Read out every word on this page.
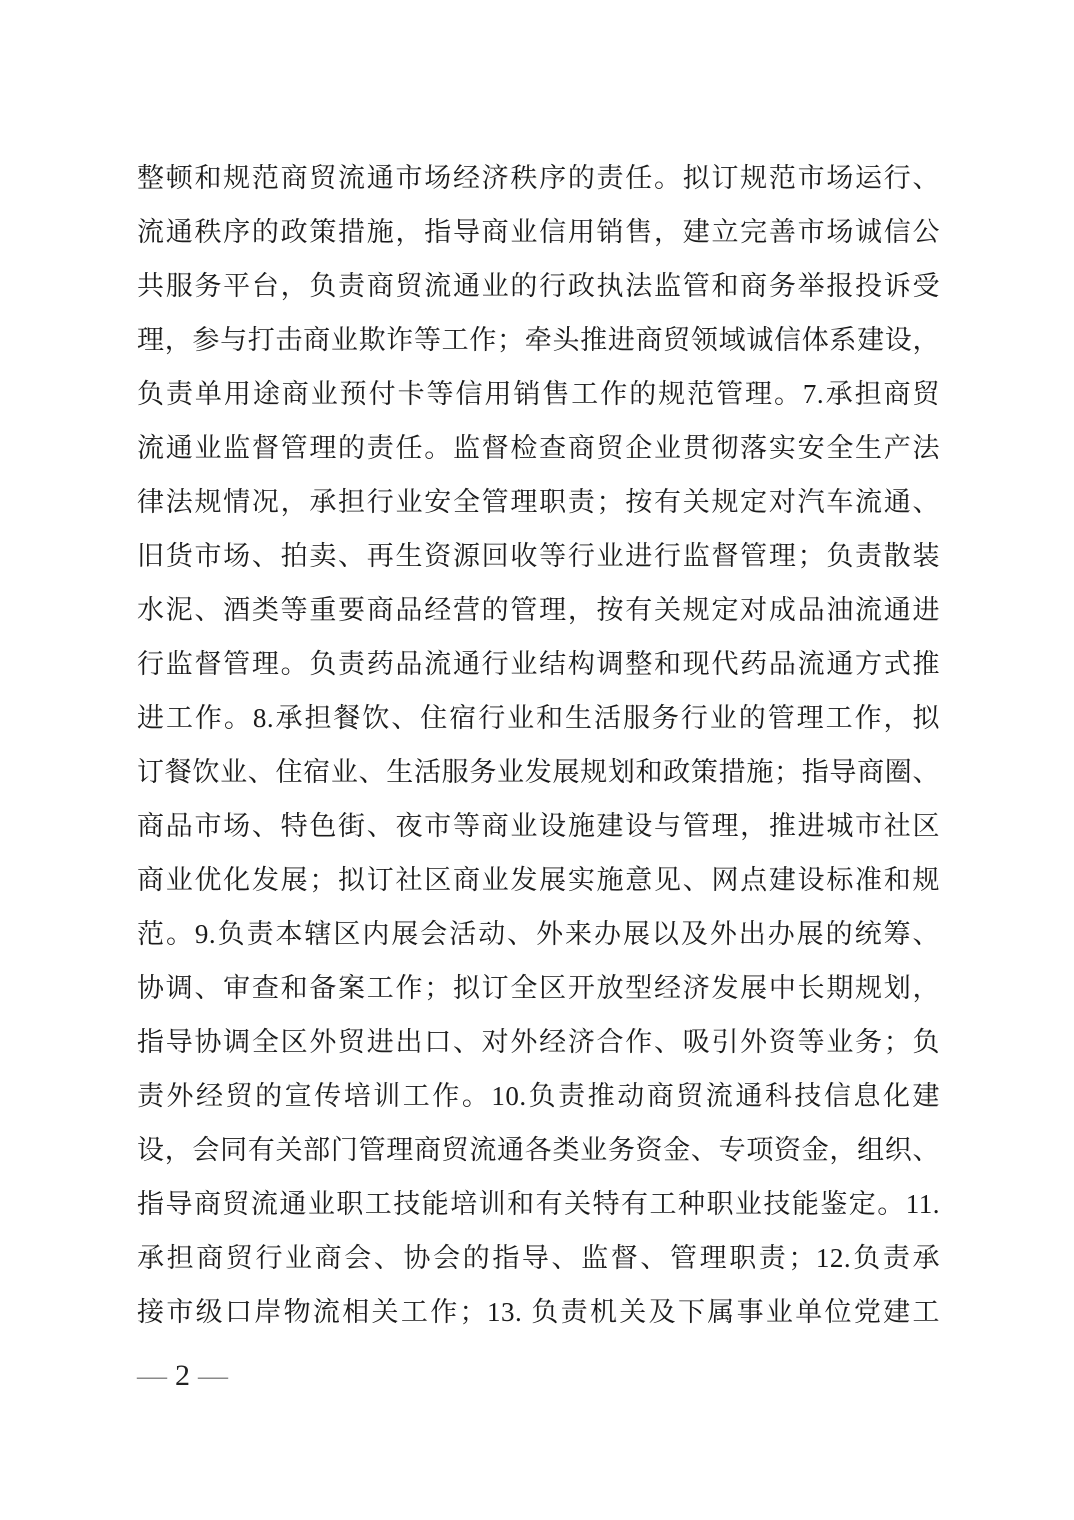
整顿和规范商贸流通市场经济秩序的责任。拟订规范市场运行、
流通秩序的政策措施，指导商业信用销售，建立完善市场诚信公
共服务平台，负责商贸流通业的行政执法监管和商务举报投诉受
理，参与打击商业欺诈等工作；牵头推进商贸领域诚信体系建设，
负责单用途商业预付卡等信用销售工作的规范管理。7.承担商贸
流通业监督管理的责任。监督检查商贸企业贯彻落实安全生产法
律法规情况，承担行业安全管理职责；按有关规定对汽车流通、
旧货市场、拍卖、再生资源回收等行业进行监督管理；负责散装
水泥、酒类等重要商品经营的管理，按有关规定对成品油流通进
行监督管理。负责药品流通行业结构调整和现代药品流通方式推
进工作。8.承担餐饮、住宿行业和生活服务行业的管理工作，拟
订餐饮业、住宿业、生活服务业发展规划和政策措施；指导商圈、
商品市场、特色街、夜市等商业设施建设与管理，推进城市社区
商业优化发展；拟订社区商业发展实施意见、网点建设标准和规
范。9.负责本辖区内展会活动、外来办展以及外出办展的统筹、
协调、审查和备案工作；拟订全区开放型经济发展中长期规划，
指导协调全区外贸进出口、对外经济合作、吸引外资等业务；负
责外经贸的宣传培训工作。10.负责推动商贸流通科技信息化建
设，会同有关部门管理商贸流通各类业务资金、专项资金，组织、
指导商贸流通业职工技能培训和有关特有工种职业技能鉴定。11.
承担商贸行业商会、协会的指导、监督、管理职责；12.负责承
接市级口岸物流相关工作；13. 负责机关及下属事业单位党建工
— 2 —
